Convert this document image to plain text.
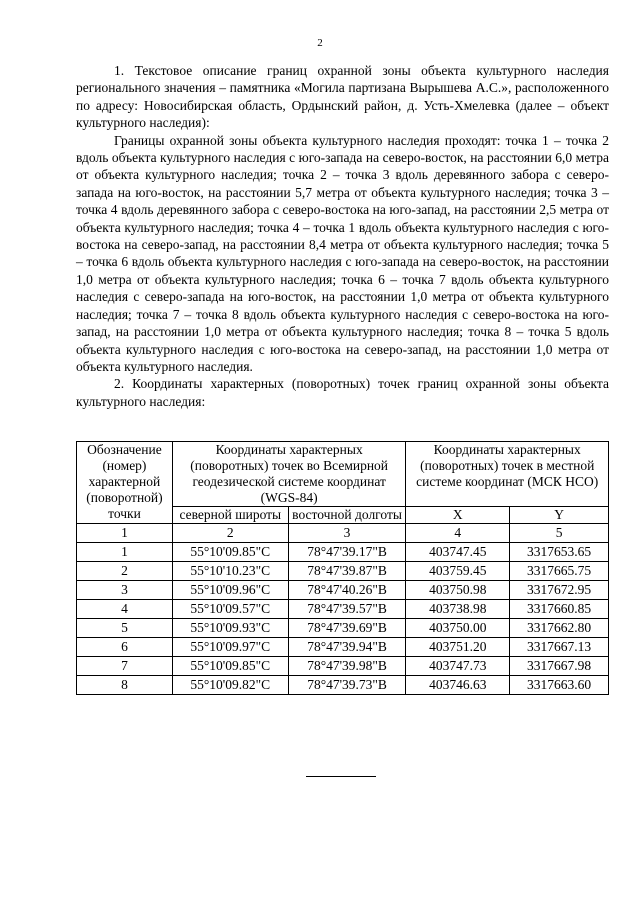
2

1. Текстовое описание границ охранной зоны объекта культурного наследия регионального значения – памятника «Могила партизана Вырышева А.С.», расположенного по адресу: Новосибирская область, Ордынский район, д. Усть-Хмелевка (далее – объект культурного наследия):

Границы охранной зоны объекта культурного наследия проходят: точка 1 – точка 2 вдоль объекта культурного наследия с юго-запада на северо-восток, на расстоянии 6,0 метра от объекта культурного наследия; точка 2 – точка 3 вдоль деревянного забора с северо-запада на юго-восток, на расстоянии 5,7 метра от объекта культурного наследия; точка 3 – точка 4 вдоль деревянного забора с северо-востока на юго-запад, на расстоянии 2,5 метра от объекта культурного наследия; точка 4 – точка 1 вдоль объекта культурного наследия с юго-востока на северо-запад, на расстоянии 8,4 метра от объекта культурного наследия; точка 5 – точка 6 вдоль объекта культурного наследия с юго-запада на северо-восток, на расстоянии 1,0 метра от объекта культурного наследия; точка 6 – точка 7 вдоль объекта культурного наследия с северо-запада на юго-восток, на расстоянии 1,0 метра от объекта культурного наследия; точка 7 – точка 8 вдоль объекта культурного наследия с северо-востока на юго-запад, на расстоянии 1,0 метра от объекта культурного наследия; точка 8 – точка 5 вдоль объекта культурного наследия с юго-востока на северо-запад, на расстоянии 1,0 метра от объекта культурного наследия.

2. Координаты характерных (поворотных) точек границ охранной зоны объекта культурного наследия:

Обозначение (номер) характерной (поворотной) точки	Координаты характерных (поворотных) точек во Всемирной геодезической системе координат (WGS-84)		Координаты характерных (поворотных) точек в местной системе координат (МСК НСО)	
	северной широты	восточной долготы	X	Y
1	2	3	4	5
1	55°10'09.85"С	78°47'39.17"В	403747.45	3317653.65
2	55°10'10.23"С	78°47'39.87"В	403759.45	3317665.75
3	55°10'09.96"С	78°47'40.26"В	403750.98	3317672.95
4	55°10'09.57"С	78°47'39.57"В	403738.98	3317660.85
5	55°10'09.93"С	78°47'39.69"В	403750.00	3317662.80
6	55°10'09.97"С	78°47'39.94"В	403751.20	3317667.13
7	55°10'09.85"С	78°47'39.98"В	403747.73	3317667.98
8	55°10'09.82"С	78°47'39.73"В	403746.63	3317663.60
